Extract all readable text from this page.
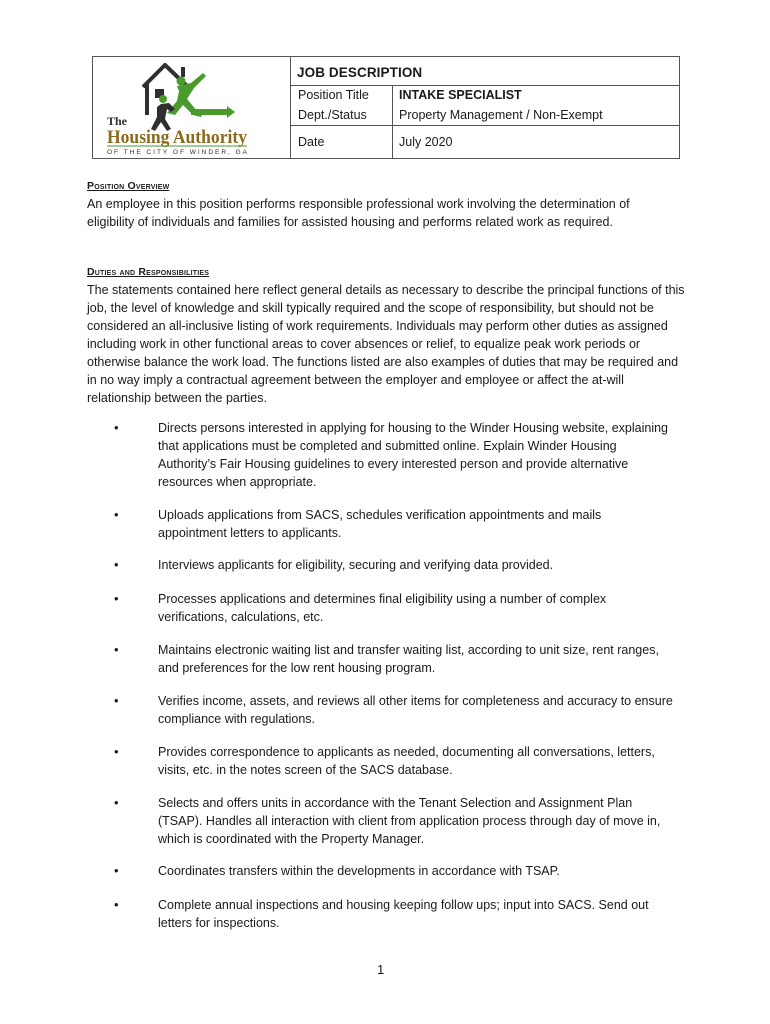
The
Housing Authority
OF THE CITY OF WINDER, GA
JOB DESCRIPTION
Position Title INTAKE SPECIALIST
Dept./Status	Property Management / Non-Exempt
Date	July 2020
Position Overview
An employee in this position performs responsible professional work involving the determination of
eligibility of individuals and families for assisted housing and performs related work as required.
Duties and Responsibilities
The statements contained here reflect general details as necessary to describe the principal functions of this
job, the level of knowledge and skill typically required and the scope of responsibility, but should not be
considered an all-inclusive listing of work requirements. Individuals may perform other duties as assigned
including work in other functional areas to cover absences or relief, to equalize peak work periods or
otherwise balance the work load. The functions listed are also examples of duties that may be required and
in no way imply a contractual agreement between the employer and employee or affect the at-will
relationship between the parties.
•	Directs persons interested in applying for housing to the Winder Housing website, explaining
that applications must be completed and submitted online. Explain Winder Housing
Authority’s Fair Housing guidelines to every interested person and provide alternative
resources when appropriate.
•	Uploads applications from SACS, schedules verification appointments and mails
appointment letters to applicants.
•	Interviews applicants for eligibility, securing and verifying data provided.
•	Processes applications and determines final eligibility using a number of complex
verifications, calculations, etc.
•	Maintains electronic waiting list and transfer waiting list, according to unit size, rent ranges,
and preferences for the low rent housing program.
•	Verifies income, assets, and reviews all other items for completeness and accuracy to ensure
compliance with regulations.
•	Provides correspondence to applicants as needed, documenting all conversations, letters,
visits, etc. in the notes screen of the SACS database.
•	Selects and offers units in accordance with the Tenant Selection and Assignment Plan
(TSAP). Handles all interaction with client from application process through day of move in,
which is coordinated with the Property Manager.
•	Coordinates transfers within the developments in accordance with TSAP.
•	Complete annual inspections and housing keeping follow ups; input into SACS. Send out
letters for inspections.
1
